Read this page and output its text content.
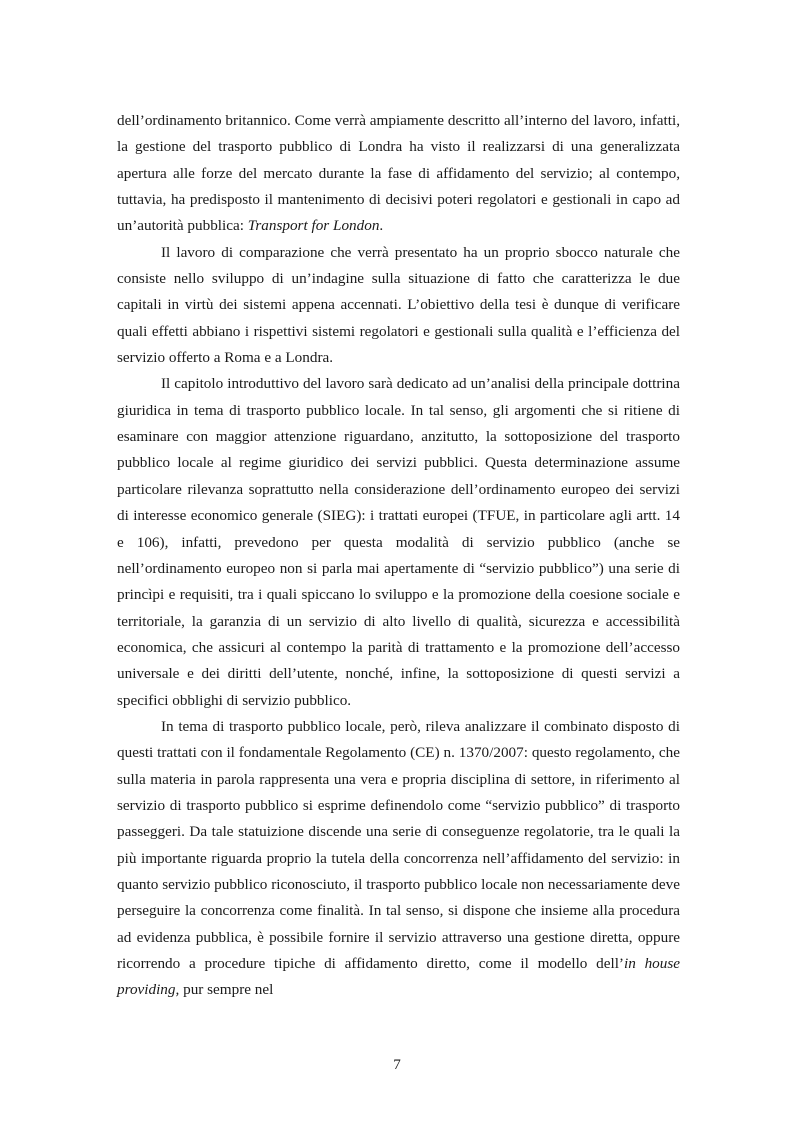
dell’ordinamento britannico. Come verrà ampiamente descritto all’interno del lavoro, infatti, la gestione del trasporto pubblico di Londra ha visto il realizzarsi di una generalizzata apertura alle forze del mercato durante la fase di affidamento del servizio; al contempo, tuttavia, ha predisposto il mantenimento di decisivi poteri regolatori e gestionali in capo ad un’autorità pubblica: Transport for London.

Il lavoro di comparazione che verrà presentato ha un proprio sbocco naturale che consiste nello sviluppo di un’indagine sulla situazione di fatto che caratterizza le due capitali in virtù dei sistemi appena accennati. L’obiettivo della tesi è dunque di verificare quali effetti abbiano i rispettivi sistemi regolatori e gestionali sulla qualità e l’efficienza del servizio offerto a Roma e a Londra.

Il capitolo introduttivo del lavoro sarà dedicato ad un’analisi della principale dottrina giuridica in tema di trasporto pubblico locale. In tal senso, gli argomenti che si ritiene di esaminare con maggior attenzione riguardano, anzitutto, la sottoposizione del trasporto pubblico locale al regime giuridico dei servizi pubblici. Questa determinazione assume particolare rilevanza soprattutto nella considerazione dell’ordinamento europeo dei servizi di interesse economico generale (SIEG): i trattati europei (TFUE, in particolare agli artt. 14 e 106), infatti, prevedono per questa modalità di servizio pubblico (anche se nell’ordinamento europeo non si parla mai apertamente di “servizio pubblico”) una serie di princìpi e requisiti, tra i quali spiccano lo sviluppo e la promozione della coesione sociale e territoriale, la garanzia di un servizio di alto livello di qualità, sicurezza e accessibilità economica, che assicuri al contempo la parità di trattamento e la promozione dell’accesso universale e dei diritti dell’utente, nonché, infine, la sottoposizione di questi servizi a specifici obblighi di servizio pubblico.

In tema di trasporto pubblico locale, però, rileva analizzare il combinato disposto di questi trattati con il fondamentale Regolamento (CE) n. 1370/2007: questo regolamento, che sulla materia in parola rappresenta una vera e propria disciplina di settore, in riferimento al servizio di trasporto pubblico si esprime definendolo come “servizio pubblico” di trasporto passeggeri. Da tale statuizione discende una serie di conseguenze regolatorie, tra le quali la più importante riguarda proprio la tutela della concorrenza nell’affidamento del servizio: in quanto servizio pubblico riconosciuto, il trasporto pubblico locale non necessariamente deve perseguire la concorrenza come finalità. In tal senso, si dispone che insieme alla procedura ad evidenza pubblica, è possibile fornire il servizio attraverso una gestione diretta, oppure ricorrendo a procedure tipiche di affidamento diretto, come il modello dell’in house providing, pur sempre nel

7
